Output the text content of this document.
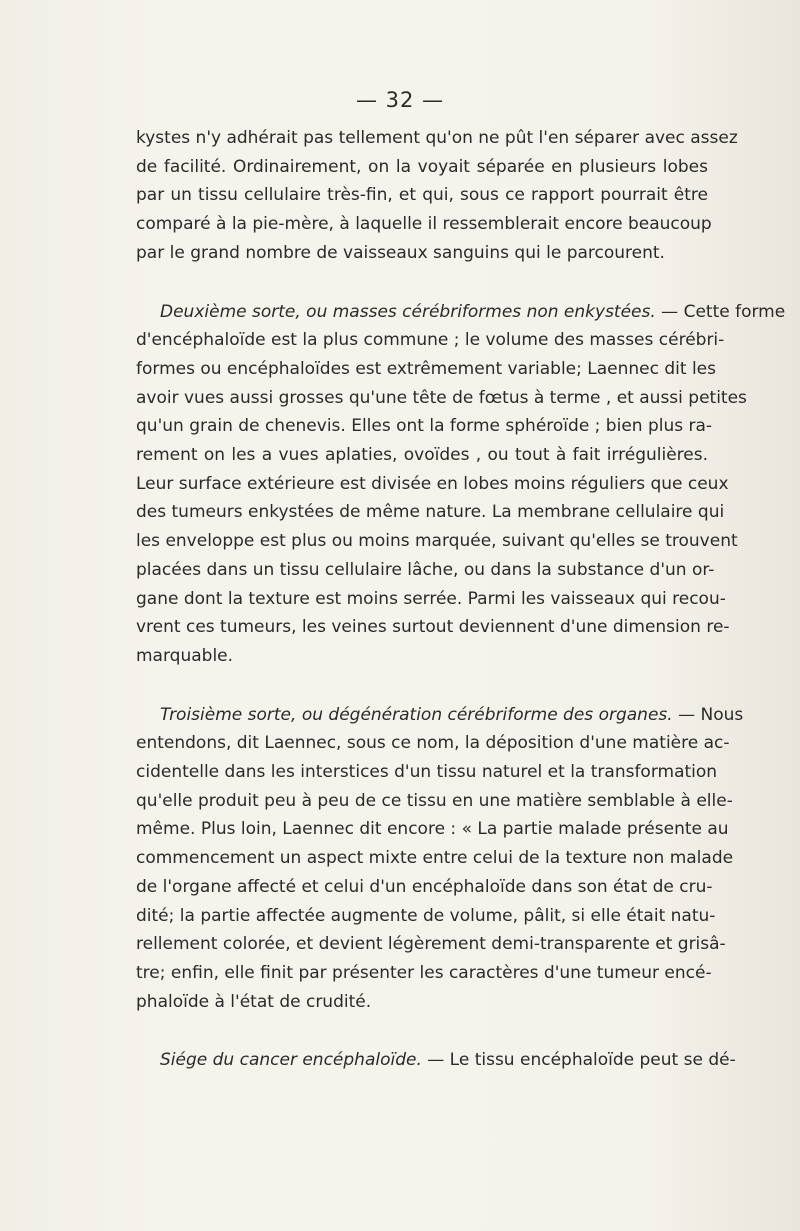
— 32 —

kystes n'y adhérait pas tellement qu'on ne pût l'en séparer avec assez
de facilité. Ordinairement, on la voyait séparée en plusieurs lobes
par un tissu cellulaire très-fin, et qui, sous ce rapport pourrait être
comparé à la pie-mère, à laquelle il ressemblerait encore beaucoup
par le grand nombre de vaisseaux sanguins qui le parcourent.

Deuxième sorte, ou masses cérébriformes non enkystées. — Cette forme
d'encéphaloïde est la plus commune ; le volume des masses cérébri-
formes ou encéphaloïdes est extrêmement variable; Laennec dit les
avoir vues aussi grosses qu'une tête de fœtus à terme , et aussi petites
qu'un grain de chenevis. Elles ont la forme sphéroïde ; bien plus ra-
rement on les a vues aplaties, ovoïdes , ou tout à fait irrégulières.
Leur surface extérieure est divisée en lobes moins réguliers que ceux
des tumeurs enkystées de même nature. La membrane cellulaire qui
les enveloppe est plus ou moins marquée, suivant qu'elles se trouvent
placées dans un tissu cellulaire lâche, ou dans la substance d'un or-
gane dont la texture est moins serrée. Parmi les vaisseaux qui recou-
vrent ces tumeurs, les veines surtout deviennent d'une dimension re-
marquable.

Troisième sorte, ou dégénération cérébriforme des organes. — Nous
entendons, dit Laennec, sous ce nom, la déposition d'une matière ac-
cidentelle dans les interstices d'un tissu naturel et la transformation
qu'elle produit peu à peu de ce tissu en une matière semblable à elle-
même. Plus loin, Laennec dit encore : « La partie malade présente au
commencement un aspect mixte entre celui de la texture non malade
de l'organe affecté et celui d'un encéphaloïde dans son état de cru-
dité; la partie affectée augmente de volume, pâlit, si elle était natu-
rellement colorée, et devient légèrement demi-transparente et grisâ-
tre; enfin, elle finit par présenter les caractères d'une tumeur encé-
phaloïde à l'état de crudité.

Siége du cancer encéphaloïde. — Le tissu encéphaloïde peut se dé-
